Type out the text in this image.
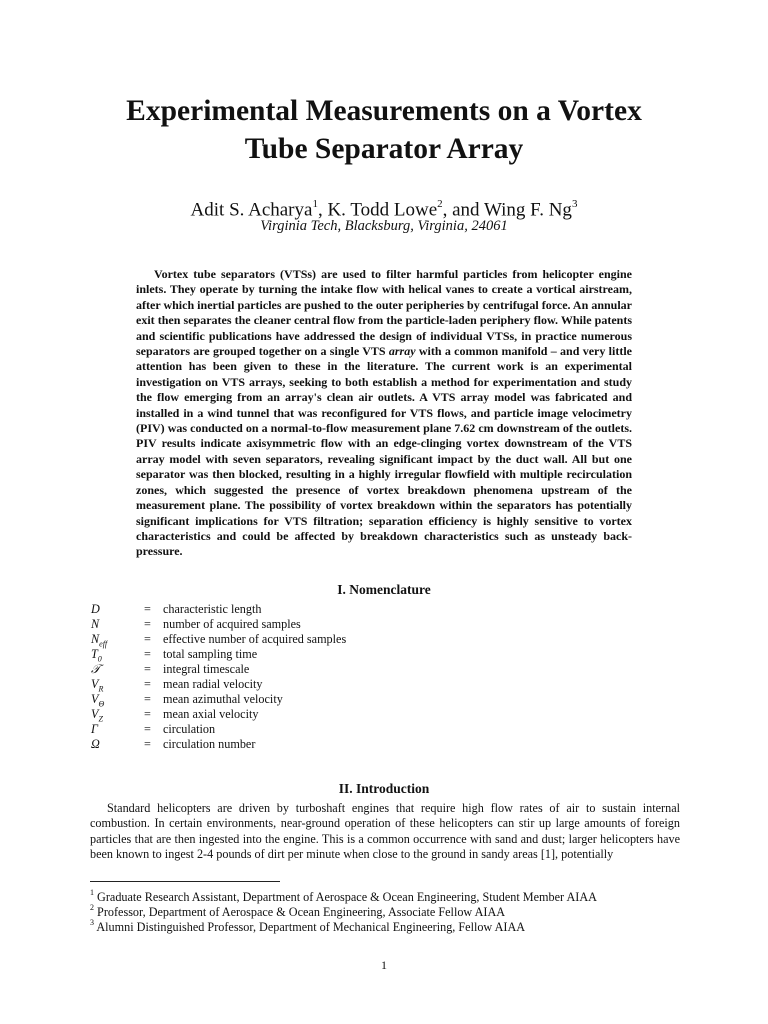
Experimental Measurements on a Vortex
Tube Separator Array
Adit S. Acharya$^1$, K. Todd Lowe$^2$, and Wing F. Ng$^3$
Virginia Tech, Blacksburg, Virginia, 24061

Vortex tube separators (VTSs) are used to filter harmful particles from helicopter engine inlets. They operate by turning the intake flow with helical vanes to create a vortical airstream, after which inertial particles are pushed to the outer peripheries by centrifugal force. An annular exit then separates the cleaner central flow from the particle-laden periphery flow. While patents and scientific publications have addressed the design of individual VTSs, in practice numerous separators are grouped together on a single VTS array with a common manifold – and very little attention has been given to these in the literature. The current work is an experimental investigation on VTS arrays, seeking to both establish a method for experimentation and study the flow emerging from an array's clean air outlets. A VTS array model was fabricated and installed in a wind tunnel that was reconfigured for VTS flows, and particle image velocimetry (PIV) was conducted on a normal-to-flow measurement plane 7.62 cm downstream of the outlets. PIV results indicate axisymmetric flow with an edge-clinging vortex downstream of the VTS array model with seven separators, revealing significant impact by the duct wall. All but one separator was then blocked, resulting in a highly irregular flowfield with multiple recirculation zones, which suggested the presence of vortex breakdown phenomena upstream of the measurement plane. The possibility of vortex breakdown within the separators has potentially significant implications for VTS filtration; separation efficiency is highly sensitive to vortex characteristics and could be affected by breakdown characteristics such as unsteady back-pressure.

I. Nomenclature
D	= characteristic length
N	= number of acquired samples
$N_{eff}$	= effective number of acquired samples
$T_0$	= total sampling time
𝒯	= integral timescale
$V_R$	= mean radial velocity
$V_\Theta$	= mean azimuthal velocity
$V_Z$	= mean axial velocity
Γ	= circulation
Ω	= circulation number
II. Introduction

Standard helicopters are driven by turboshaft engines that require high flow rates of air to sustain internal combustion. In certain environments, near-ground operation of these helicopters can stir up large amounts of foreign particles that are then ingested into the engine. This is a common occurrence with sand and dust; larger helicopters have been known to ingest 2-4 pounds of dirt per minute when close to the ground in sandy areas [1], potentially

$^1$ Graduate Research Assistant, Department of Aerospace & Ocean Engineering, Student Member AIAA
$^2$ Professor, Department of Aerospace & Ocean Engineering, Associate Fellow AIAA
$^3$ Alumni Distinguished Professor, Department of Mechanical Engineering, Fellow AIAA
1
